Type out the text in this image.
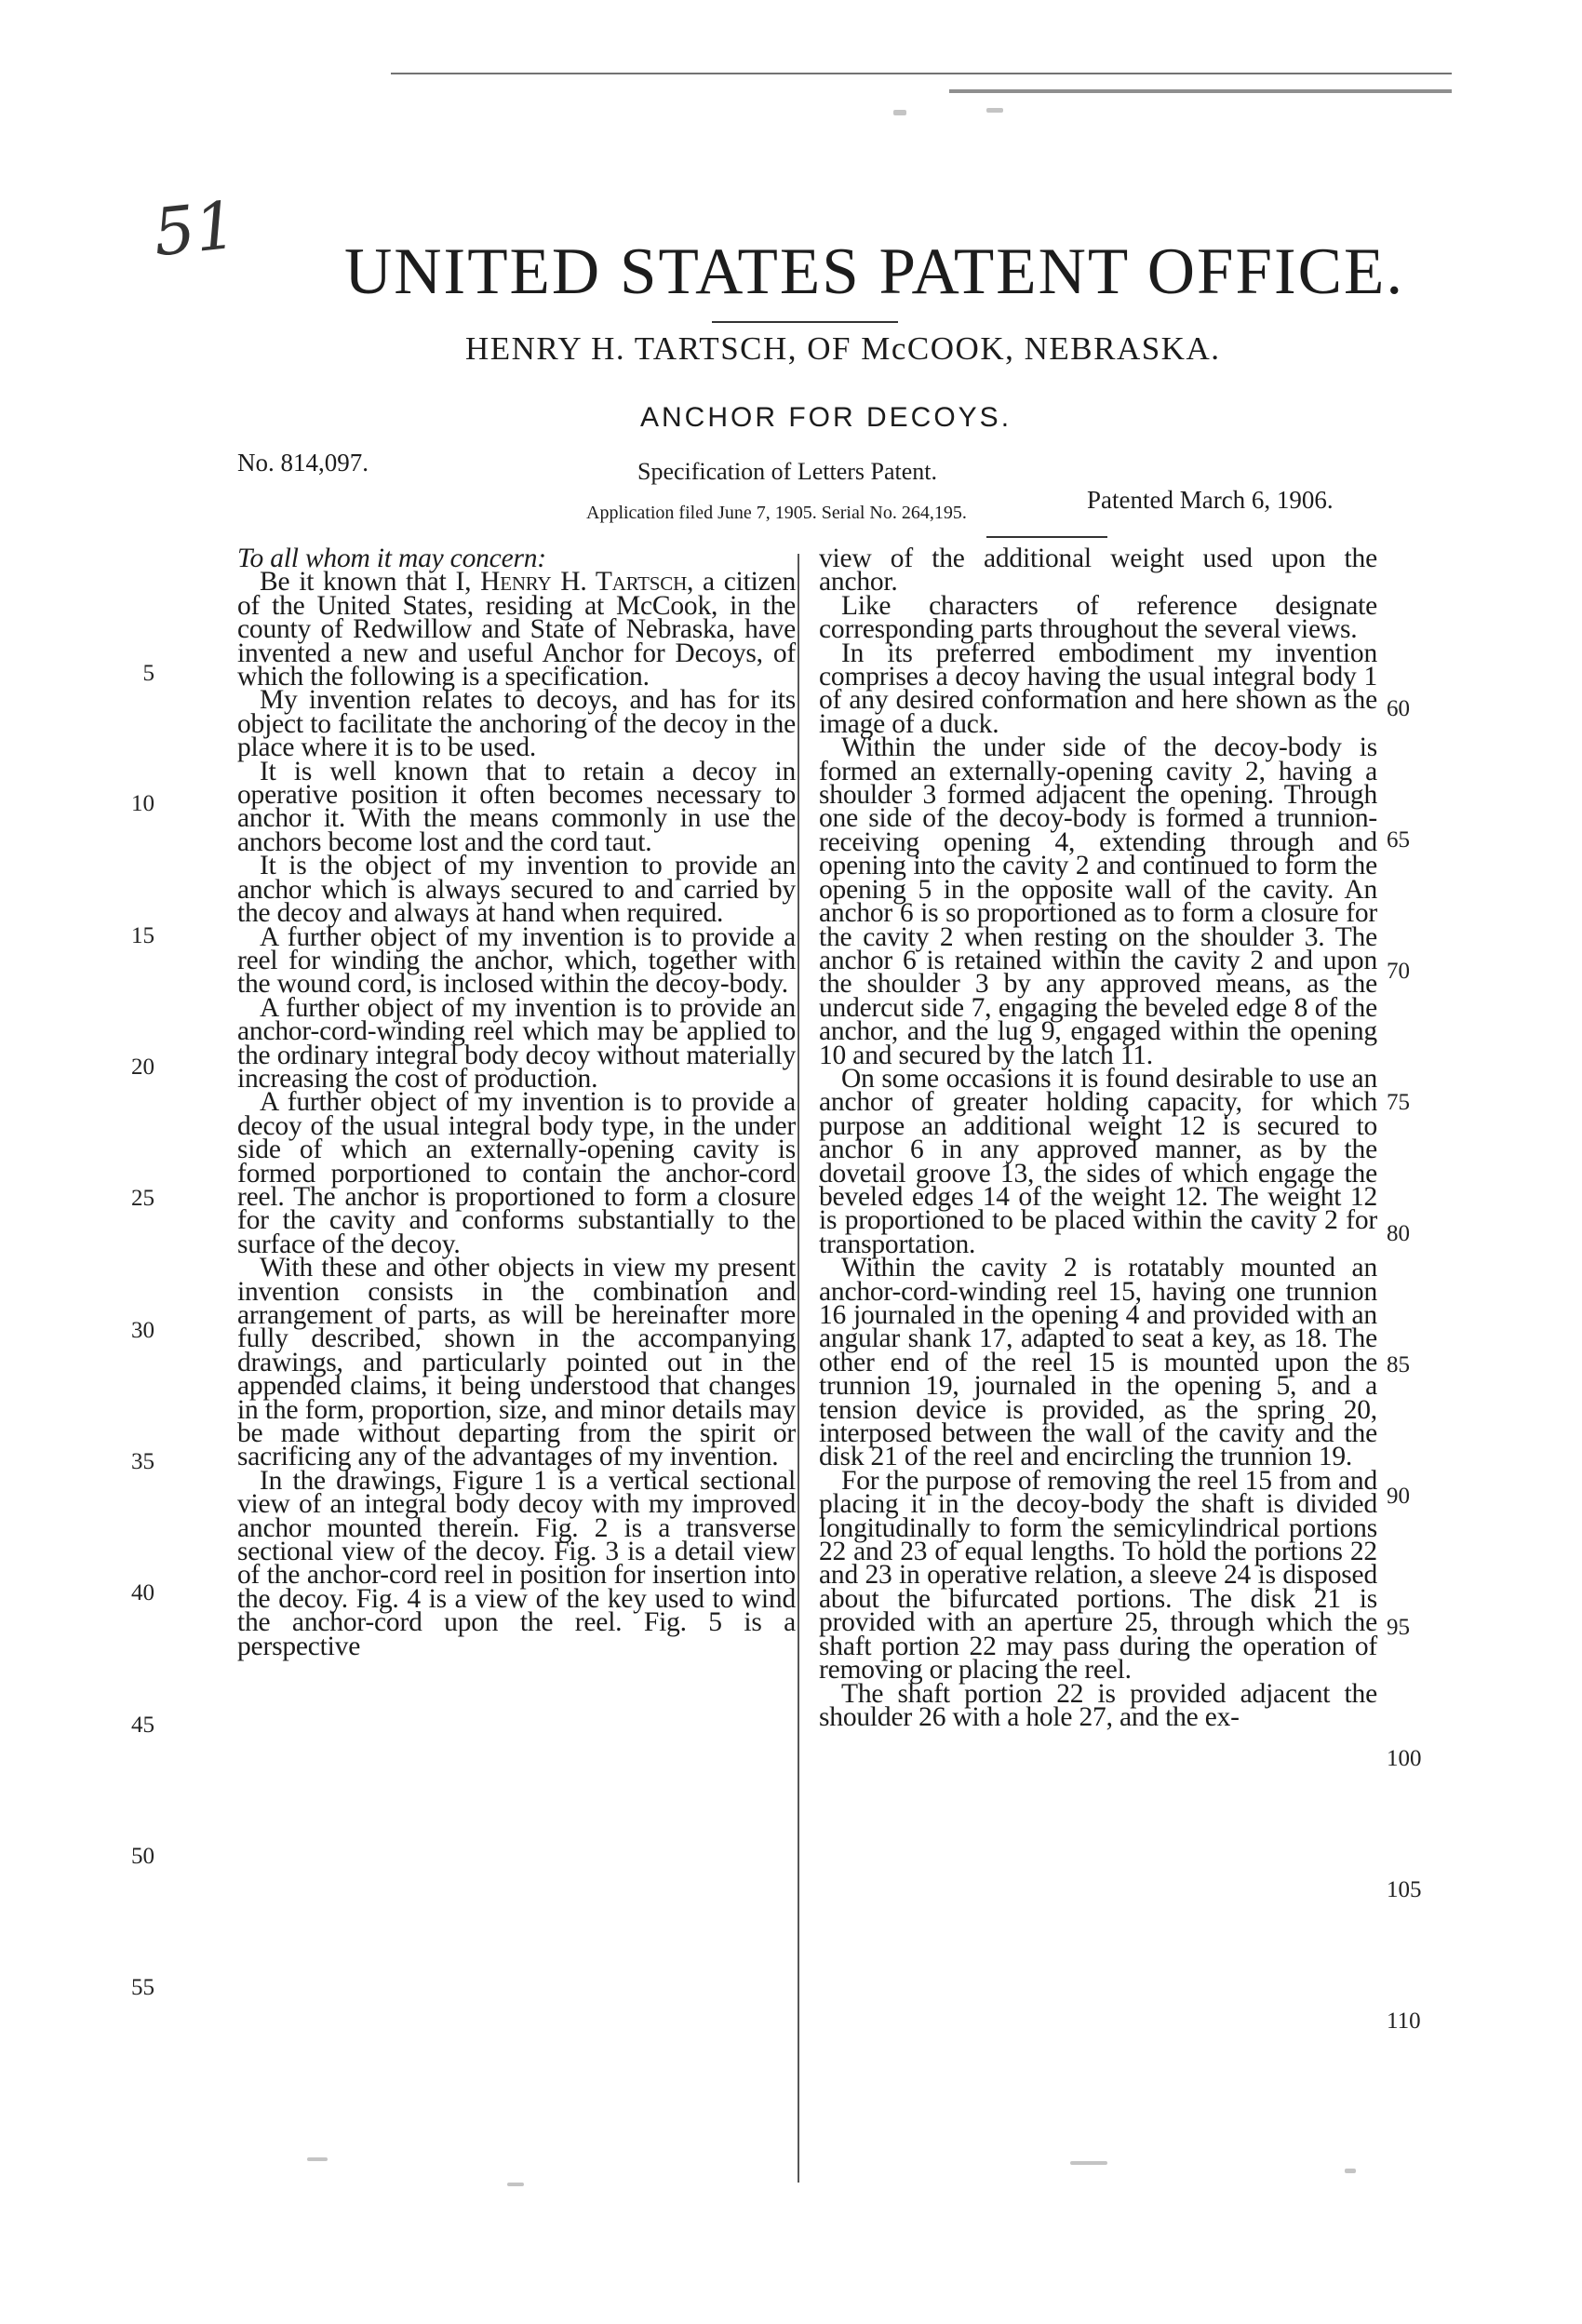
51
UNITED STATES PATENT OFFICE.
HENRY H. TARTSCH, OF McCOOK, NEBRASKA.
ANCHOR FOR DECOYS.
No. 814,097.	Specification of Letters Patent.
Patented March 6, 1906.
Application filed June 7, 1905. Serial No. 264,195.

To all whom it may concern:

Be it known that I, Henry H. Tartsch, a citizen of the United States, residing at McCook, in the county of Redwillow and State of Nebraska, have invented a new and useful Anchor for Decoys, of which the following is a specification.

My invention relates to decoys, and has for its object to facilitate the anchoring of the decoy in the place where it is to be used.

It is well known that to retain a decoy in operative position it often becomes necessary to anchor it. With the means commonly in use the anchors become lost and the cord taut.

It is the object of my invention to provide an anchor which is always secured to and carried by the decoy and always at hand when required.

A further object of my invention is to provide a reel for winding the anchor, which, together with the wound cord, is inclosed within the decoy-body.

A further object of my invention is to provide an anchor-cord-winding reel which may be applied to the ordinary integral body decoy without materially increasing the cost of production.

A further object of my invention is to provide a decoy of the usual integral body type, in the under side of which an externally-opening cavity is formed porportioned to contain the anchor-cord reel. The anchor is proportioned to form a closure for the cavity and conforms substantially to the surface of the decoy.

With these and other objects in view my present invention consists in the combination and arrangement of parts, as will be hereinafter more fully described, shown in the accompanying drawings, and particularly pointed out in the appended claims, it being understood that changes in the form, proportion, size, and minor details may be made without departing from the spirit or sacrificing any of the advantages of my invention.

In the drawings, Figure 1 is a vertical sectional view of an integral body decoy with my improved anchor mounted therein. Fig. 2 is a transverse sectional view of the decoy. Fig. 3 is a detail view of the anchor-cord reel in position for insertion into the decoy. Fig. 4 is a view of the key used to wind the anchor-cord upon the reel. Fig. 5 is a perspective

view of the additional weight used upon the anchor.

Like characters of reference designate corresponding parts throughout the several views.

In its preferred embodiment my invention comprises a decoy having the usual integral body 1 of any desired conformation and here shown as the image of a duck.

Within the under side of the decoy-body is formed an externally-opening cavity 2, having a shoulder 3 formed adjacent the opening. Through one side of the decoy-body is formed a trunnion-receiving opening 4, extending through and opening into the cavity 2 and continued to form the opening 5 in the opposite wall of the cavity. An anchor 6 is so proportioned as to form a closure for the cavity 2 when resting on the shoulder 3. The anchor 6 is retained within the cavity 2 and upon the shoulder 3 by any approved means, as the undercut side 7, engaging the beveled edge 8 of the anchor, and the lug 9, engaged within the opening 10 and secured by the latch 11.

On some occasions it is found desirable to use an anchor of greater holding capacity, for which purpose an additional weight 12 is secured to anchor 6 in any approved manner, as by the dovetail groove 13, the sides of which engage the beveled edges 14 of the weight 12. The weight 12 is proportioned to be placed within the cavity 2 for transportation.

Within the cavity 2 is rotatably mounted an anchor-cord-winding reel 15, having one trunnion 16 journaled in the opening 4 and provided with an angular shank 17, adapted to seat a key, as 18. The other end of the reel 15 is mounted upon the trunnion 19, journaled in the opening 5, and a tension device is provided, as the spring 20, interposed between the wall of the cavity and the disk 21 of the reel and encircling the trunnion 19.

For the purpose of removing the reel 15 from and placing it in the decoy-body the shaft is divided longitudinally to form the semicylindrical portions 22 and 23 of equal lengths. To hold the portions 22 and 23 in operative relation, a sleeve 24 is disposed about the bifurcated portions. The disk 21 is provided with an aperture 25, through which the shaft portion 22 may pass during the operation of removing or placing the reel.

The shaft portion 22 is provided adjacent the shoulder 26 with a hole 27, and the ex-

5
10
15
20
25
30
35
40
45
50
55
60
65
70
75
80
85
90
95
100
105
110
